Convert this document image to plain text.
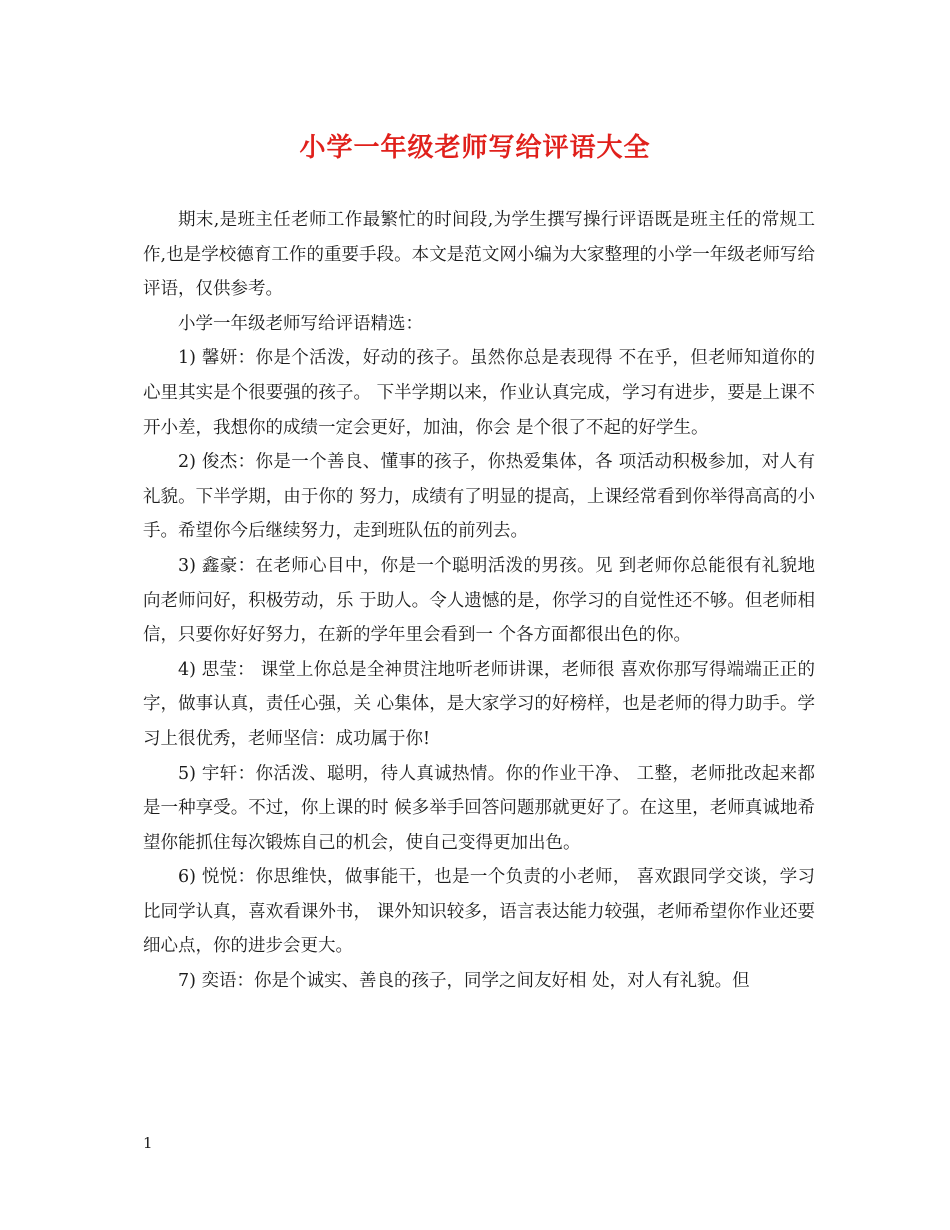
小学一年级老师写给评语大全

期末,是班主任老师工作最繁忙的时间段,为学生撰写操行评语既是班主任的常规工作,也是学校德育工作的重要手段。本文是范文网小编为大家整理的小学一年级老师写给评语，仅供参考。

小学一年级老师写给评语精选：

1) 馨妍：你是个活泼，好动的孩子。虽然你总是表现得 不在乎，但老师知道你的心里其实是个很要强的孩子。 下半学期以来，作业认真完成，学习有进步，要是上课不开小差，我想你的成绩一定会更好，加油，你会 是个很了不起的好学生。

2) 俊杰：你是一个善良、懂事的孩子，你热爱集体，各 项活动积极参加，对人有礼貌。下半学期，由于你的 努力，成绩有了明显的提高，上课经常看到你举得高高的小手。希望你今后继续努力，走到班队伍的前列去。

3) 鑫豪：在老师心目中，你是一个聪明活泼的男孩。见 到老师你总能很有礼貌地向老师问好，积极劳动，乐 于助人。令人遗憾的是，你学习的自觉性还不够。但老师相信，只要你好好努力，在新的学年里会看到一 个各方面都很出色的你。

4) 思莹： 课堂上你总是全神贯注地听老师讲课，老师很 喜欢你那写得端端正正的字，做事认真，责任心强，关 心集体，是大家学习的好榜样，也是老师的得力助手。学习上很优秀，老师坚信：成功属于你!

5) 宇轩：你活泼、聪明，待人真诚热情。你的作业干净、 工整，老师批改起来都是一种享受。不过，你上课的时 候多举手回答问题那就更好了。在这里，老师真诚地希望你能抓住每次锻炼自己的机会，使自己变得更加出色。

6) 悦悦：你思维快，做事能干，也是一个负责的小老师， 喜欢跟同学交谈，学习比同学认真，喜欢看课外书， 课外知识较多，语言表达能力较强，老师希望你作业还要细心点，你的进步会更大。

7) 奕语：你是个诚实、善良的孩子，同学之间友好相 处，对人有礼貌。但

1
